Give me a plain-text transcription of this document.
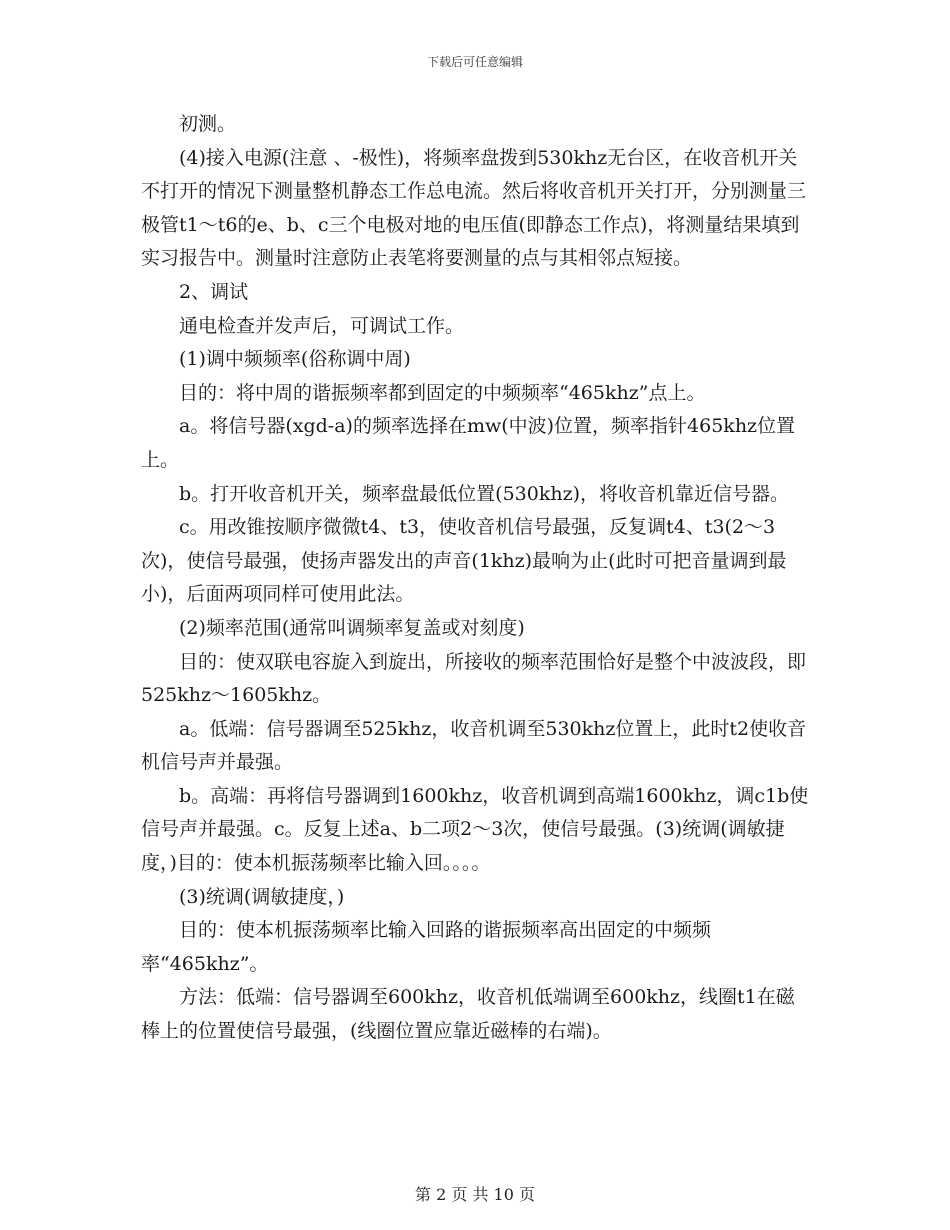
下载后可任意编辑

初测。

(4)接入电源(注意 、-极性)，将频率盘拨到530khz无台区，在收音机开关不打开的情况下测量整机静态工作总电流。然后将收音机开关打开，分别测量三极管t1～t6的e、b、c三个电极对地的电压值(即静态工作点)，将测量结果填到实习报告中。测量时注意防止表笔将要测量的点与其相邻点短接。

2、调试

通电检查并发声后，可调试工作。

(1)调中频频率(俗称调中周)

目的：将中周的谐振频率都到固定的中频频率“465khz”点上。

a。将信号器(xgd-a)的频率选择在mw(中波)位置，频率指针465khz位置上。

b。打开收音机开关，频率盘最低位置(530khz)，将收音机靠近信号器。

c。用改锥按顺序微微t4、t3，使收音机信号最强，反复调t4、t3(2～3次)，使信号最强，使扬声器发出的声音(1khz)最响为止(此时可把音量调到最小)，后面两项同样可使用此法。

(2)频率范围(通常叫调频率复盖或对刻度)

目的：使双联电容旋入到旋出，所接收的频率范围恰好是整个中波波段，即525khz～1605khz。

a。低端：信号器调至525khz，收音机调至530khz位置上，此时t2使收音机信号声并最强。

b。高端：再将信号器调到1600khz，收音机调到高端1600khz，调c1b使信号声并最强。c。反复上述a、b二项2～3次，使信号最强。(3)统调(调敏捷度，)目的：使本机振荡频率比输入回。。。。

(3)统调(调敏捷度，)

目的：使本机振荡频率比输入回路的谐振频率高出固定的中频频率“465khz”。

方法：低端：信号器调至600khz，收音机低端调至600khz，线圈t1在磁棒上的位置使信号最强，(线圈位置应靠近磁棒的右端)。

第 2 页 共 10 页
